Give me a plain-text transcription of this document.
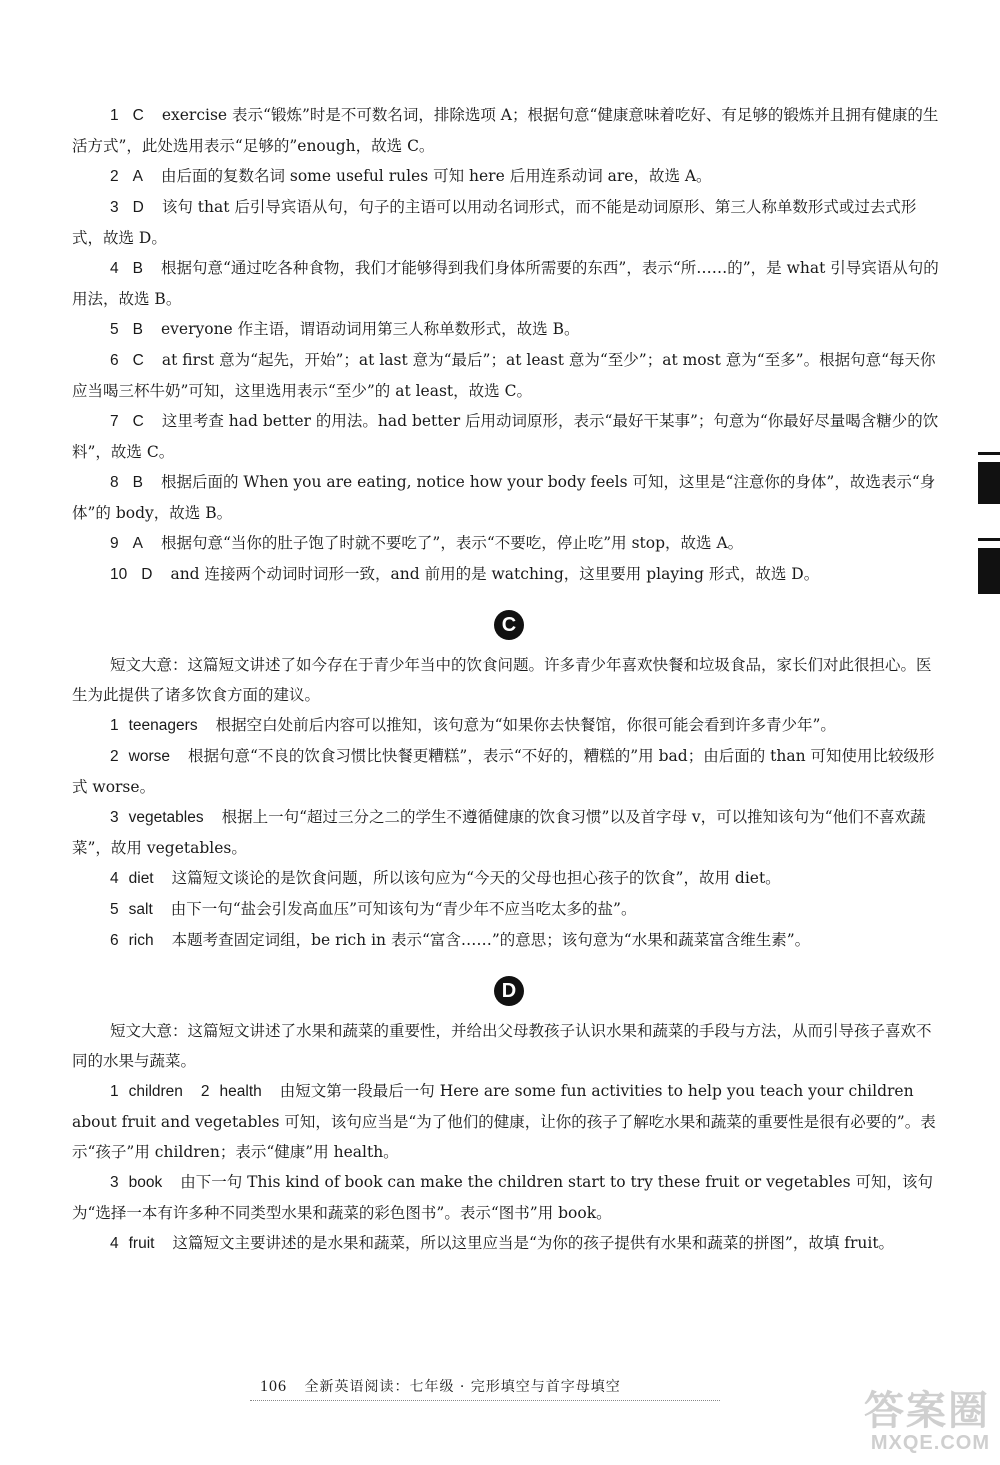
1 C exercise 表示“锻炼”时是不可数名词，排除选项 A；根据句意“健康意味着吃好、有足够的锻炼并且拥有健康的生活方式”，此处选用表示“足够的”enough，故选 C。

2 A 由后面的复数名词 some useful rules 可知 here 后用连系动词 are，故选 A。

3 D 该句 that 后引导宾语从句，句子的主语可以用动名词形式，而不能是动词原形、第三人称单数形式或过去式形式，故选 D。

4 B 根据句意“通过吃各种食物，我们才能够得到我们身体所需要的东西”，表示“所……的”，是 what 引导宾语从句的用法，故选 B。

5 B everyone 作主语，谓语动词用第三人称单数形式，故选 B。

6 C at first 意为“起先，开始”；at last 意为“最后”；at least 意为“至少”；at most 意为“至多”。根据句意“每天你应当喝三杯牛奶”可知，这里选用表示“至少”的 at least，故选 C。

7 C 这里考查 had better 的用法。had better 后用动词原形，表示“最好干某事”；句意为“你最好尽量喝含糖少的饮料”，故选 C。

8 B 根据后面的 When you are eating, notice how your body feels 可知，这里是“注意你的身体”，故选表示“身体”的 body，故选 B。

9 A 根据句意“当你的肚子饱了时就不要吃了”，表示“不要吃，停止吃”用 stop，故选 A。

10 D and 连接两个动词时词形一致，and 前用的是 watching，这里要用 playing 形式，故选 D。

C

短文大意：这篇短文讲述了如今存在于青少年当中的饮食问题。许多青少年喜欢快餐和垃圾食品，家长们对此很担心。医生为此提供了诸多饮食方面的建议。

1 teenagers 根据空白处前后内容可以推知，该句意为“如果你去快餐馆，你很可能会看到许多青少年”。

2 worse 根据句意“不良的饮食习惯比快餐更糟糕”，表示“不好的，糟糕的”用 bad；由后面的 than 可知使用比较级形式 worse。

3 vegetables 根据上一句“超过三分之二的学生不遵循健康的饮食习惯”以及首字母 v，可以推知该句为“他们不喜欢蔬菜”，故用 vegetables。

4 diet 这篇短文谈论的是饮食问题，所以该句应为“今天的父母也担心孩子的饮食”，故用 diet。

5 salt 由下一句“盐会引发高血压”可知该句为“青少年不应当吃太多的盐”。

6 rich 本题考查固定词组，be rich in 表示“富含……”的意思；该句意为“水果和蔬菜富含维生素”。

D

短文大意：这篇短文讲述了水果和蔬菜的重要性，并给出父母教孩子认识水果和蔬菜的手段与方法，从而引导孩子喜欢不同的水果与蔬菜。

1 children 2 health 由短文第一段最后一句 Here are some fun activities to help you teach your children about fruit and vegetables 可知，该句应当是“为了他们的健康，让你的孩子了解吃水果和蔬菜的重要性是很有必要的”。表示“孩子”用 children；表示“健康”用 health。

3 book 由下一句 This kind of book can make the children start to try these fruit or vegetables 可知，该句为“选择一本有许多种不同类型水果和蔬菜的彩色图书”。表示“图书”用 book。

4 fruit 这篇短文主要讲述的是水果和蔬菜，所以这里应当是“为你的孩子提供有水果和蔬菜的拼图”，故填 fruit。

106 全新英语阅读：七年级 · 完形填空与首字母填空
答案圈
MXQE.COM
